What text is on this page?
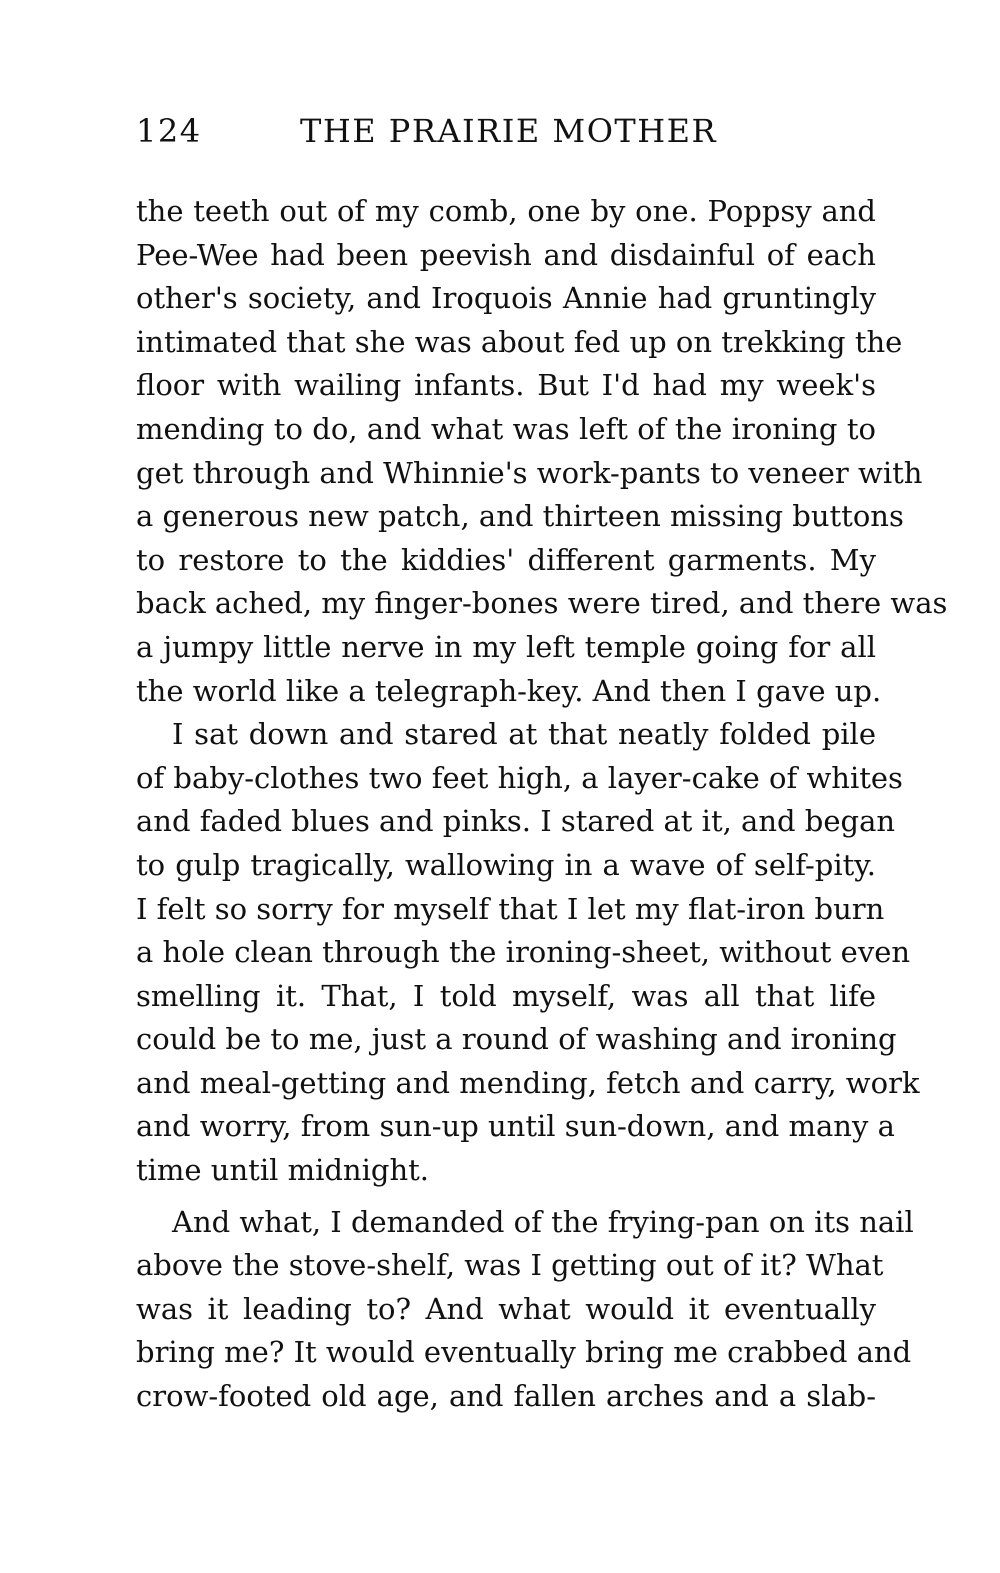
124	THE PRAIRIE MOTHER
the teeth out of my comb, one by one. Poppsy and
Pee-Wee had been peevish and disdainful of each
other's society, and Iroquois Annie had gruntingly
intimated that she was about fed up on trekking the
floor with wailing infants. But I'd had my week's
mending to do, and what was left of the ironing to
get through and Whinnie's work-pants to veneer with
a generous new patch, and thirteen missing buttons
to restore to the kiddies' different garments. My
back ached, my finger-bones were tired, and there was
a jumpy little nerve in my left temple going for all
the world like a telegraph-key. And then I gave up.
I sat down and stared at that neatly folded pile
of baby-clothes two feet high, a layer-cake of whites
and faded blues and pinks. I stared at it, and began
to gulp tragically, wallowing in a wave of self-pity.
I felt so sorry for myself that I let my flat-iron burn
a hole clean through the ironing-sheet, without even
smelling it. That, I told myself, was all that life
could be to me, just a round of washing and ironing
and meal-getting and mending, fetch and carry, work
and worry, from sun-up until sun-down, and many a
time until midnight.
And what, I demanded of the frying-pan on its nail
above the stove-shelf, was I getting out of it? What
was it leading to? And what would it eventually
bring me? It would eventually bring me crabbed and
crow-footed old age, and fallen arches and a slab-
